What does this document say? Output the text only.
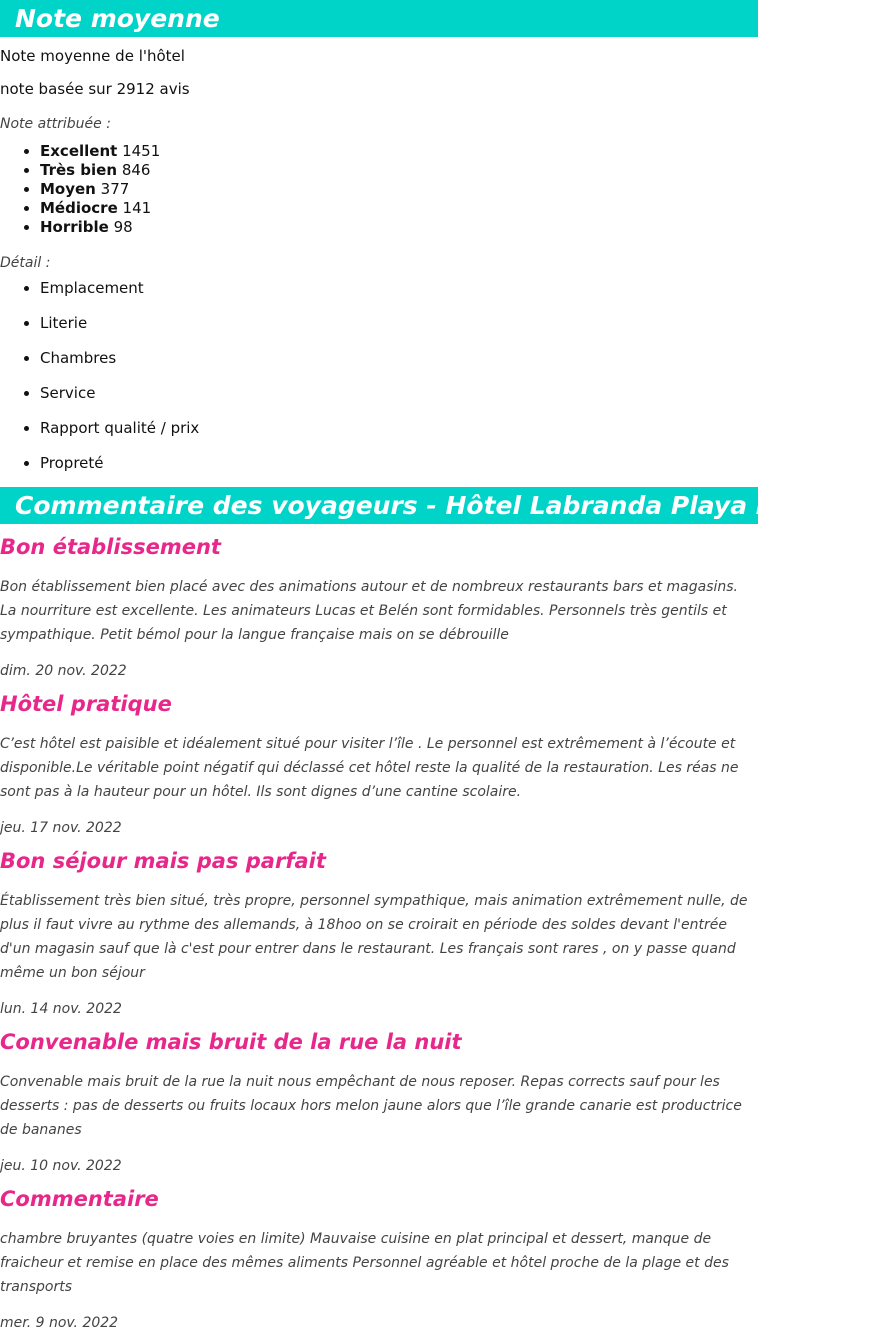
Note moyenne

Note moyenne de l'hôtel

note basée sur 2912 avis

Note attribuée :

• Excellent 1451
• Très bien 846
• Moyen 377
• Médiocre 141
• Horrible 98

Détail :

• Emplacement
• Literie
• Chambres
• Service
• Rapport qualité / prix
• Propreté
Commentaire des voyageurs - Hôtel Labranda Playa Bonita 4*
Bon établissement

Bon établissement bien placé avec des animations autour et de nombreux restaurants bars et magasins. La nourriture est excellente. Les animateurs Lucas et Belén sont formidables. Personnels très gentils et sympathique. Petit bémol pour la langue française mais on se débrouille

dim. 20 nov. 2022

Hôtel pratique

C’est hôtel est paisible et idéalement situé pour visiter l’île . Le personnel est extrêmement à l’écoute et disponible.Le véritable point négatif qui déclassé cet hôtel reste la qualité de la restauration. Les réas ne sont pas à la hauteur pour un hôtel. Ils sont dignes d’une cantine scolaire.

jeu. 17 nov. 2022

Bon séjour mais pas parfait

Établissement très bien situé, très propre, personnel sympathique, mais animation extrêmement nulle, de plus il faut vivre au rythme des allemands, à 18hoo on se croirait en période des soldes devant l'entrée d'un magasin sauf que là c'est pour entrer dans le restaurant. Les français sont rares , on y passe quand même un bon séjour

lun. 14 nov. 2022

Convenable mais bruit de la rue la nuit

Convenable mais bruit de la rue la nuit nous empêchant de nous reposer. Repas corrects sauf pour les desserts : pas de desserts ou fruits locaux hors melon jaune alors que l’île grande canarie est productrice de bananes

jeu. 10 nov. 2022

Commentaire

chambre bruyantes (quatre voies en limite) Mauvaise cuisine en plat principal et dessert, manque de fraicheur et remise en place des mêmes aliments Personnel agréable et hôtel proche de la plage et des transports

mer. 9 nov. 2022
